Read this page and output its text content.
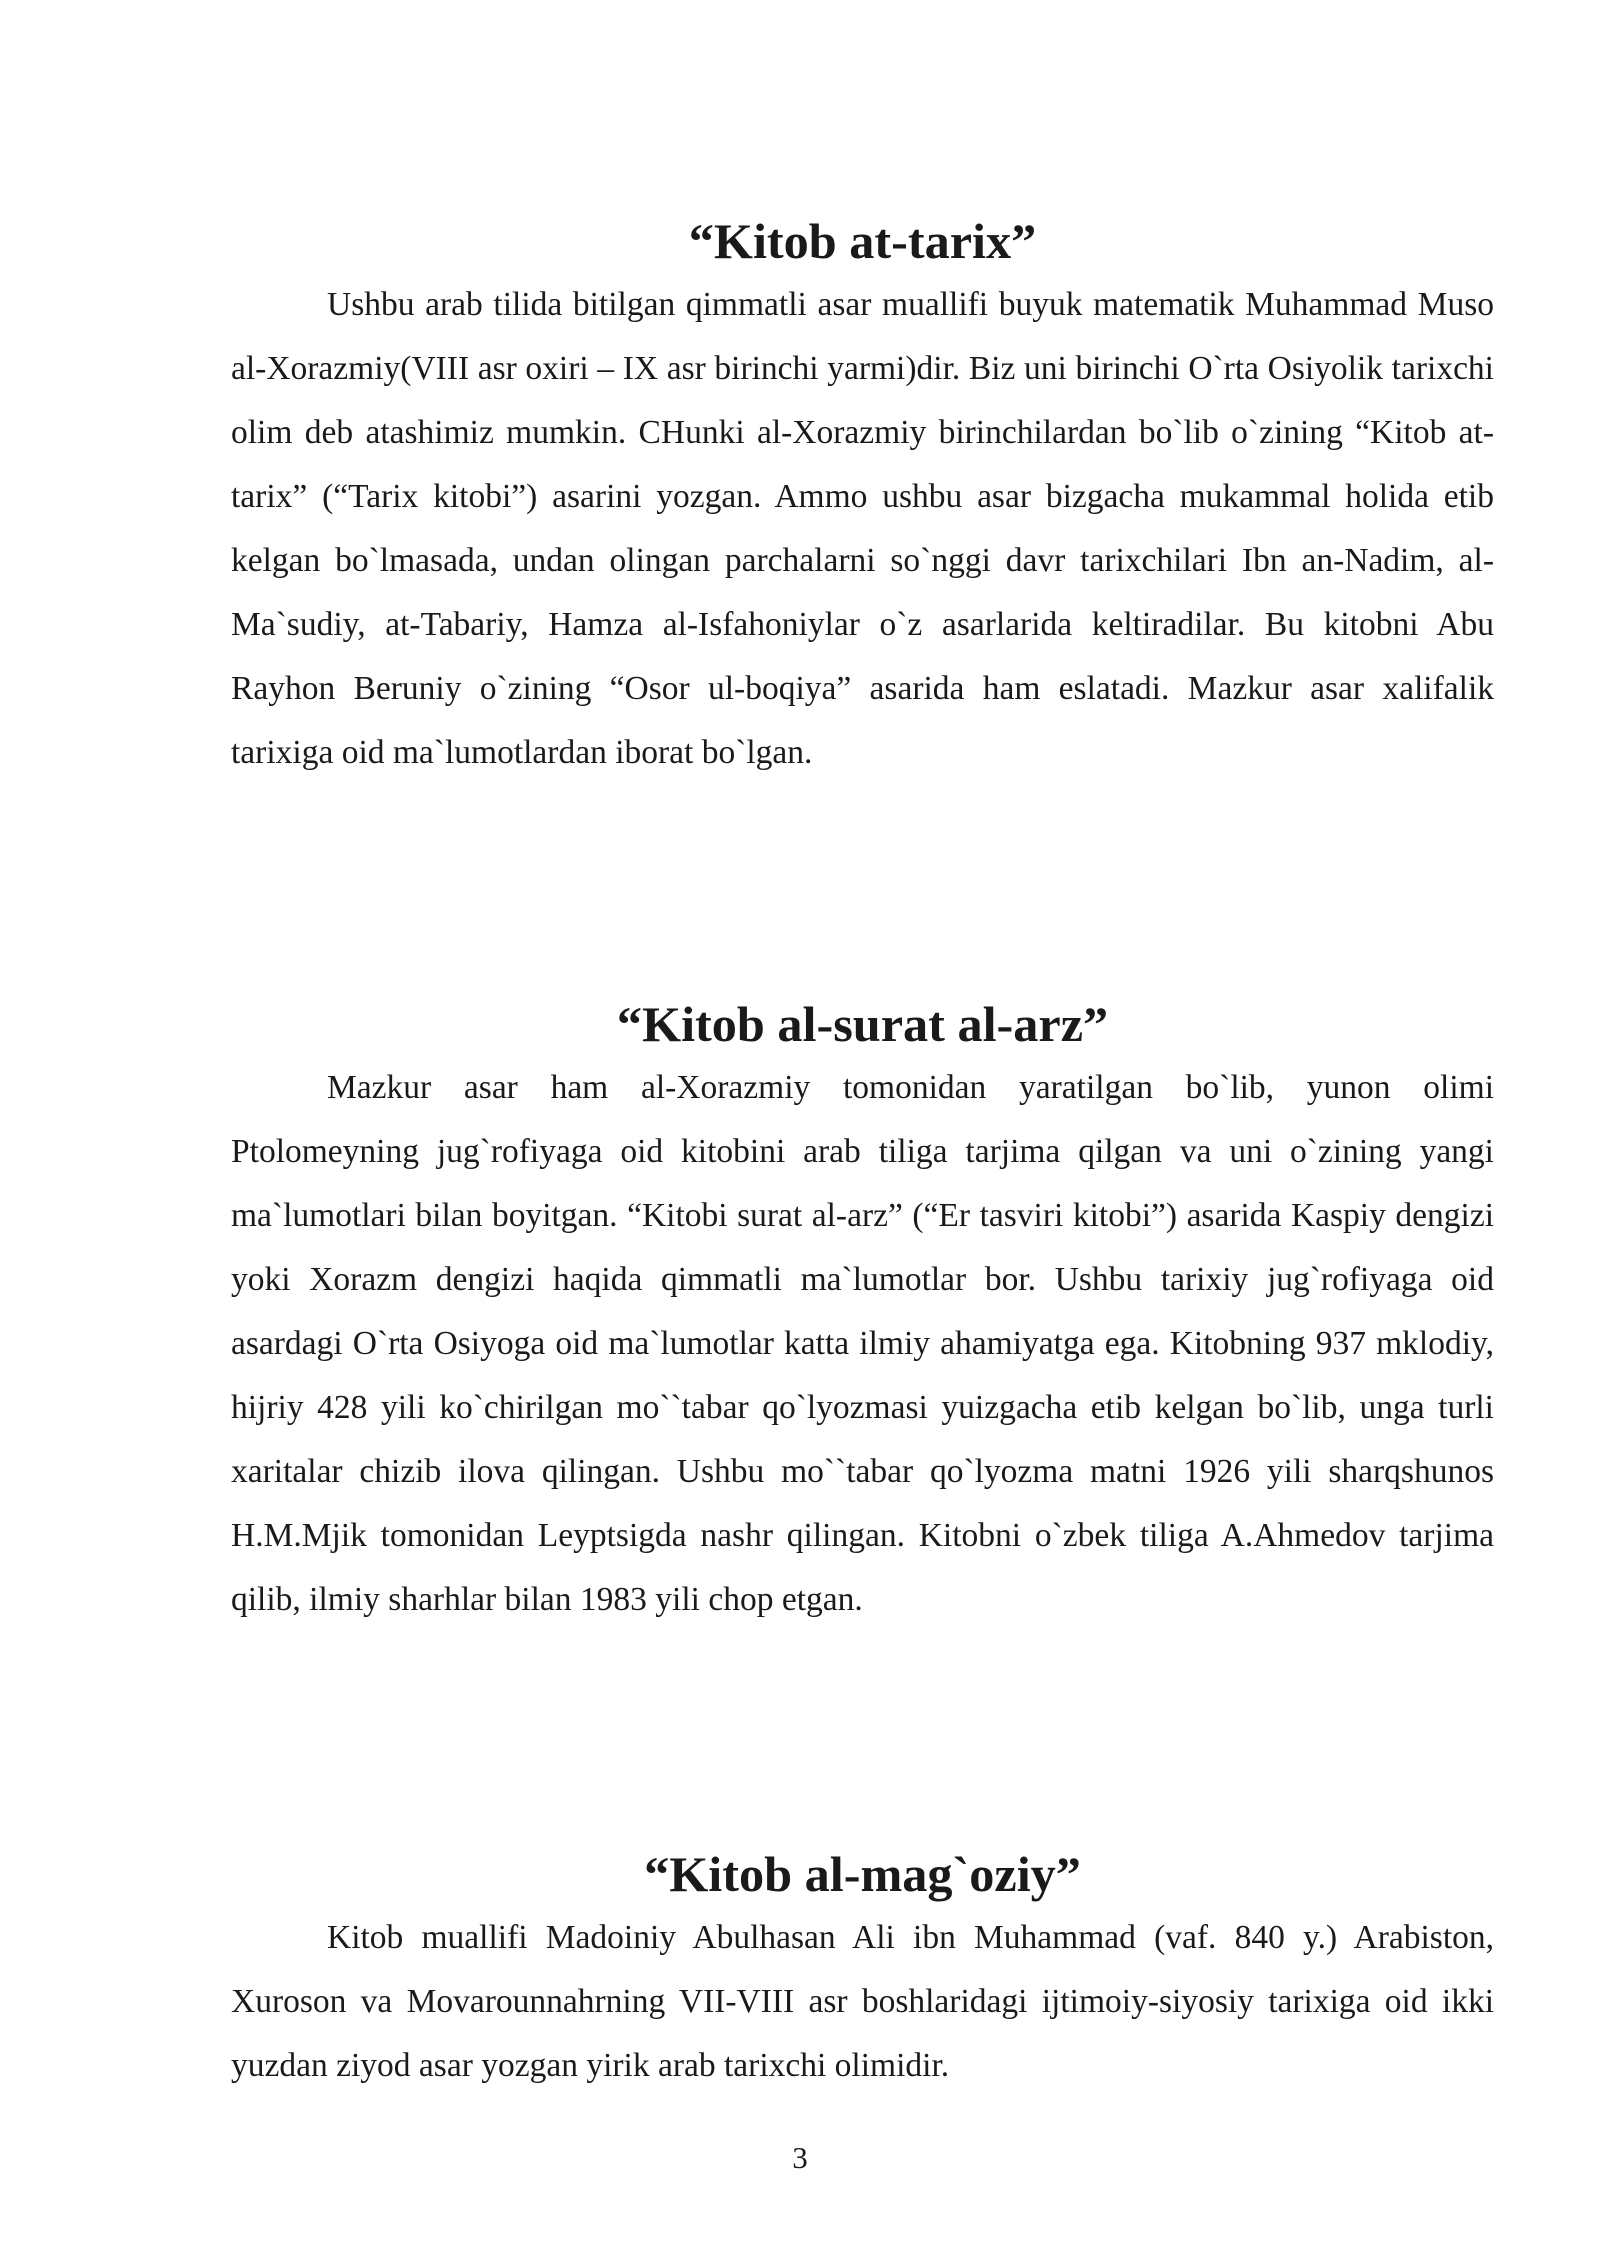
“Kitob at-tarix”

Ushbu arab tilida bitilgan qimmatli asar muallifi buyuk matematik Muhammad Muso al-Xorazmiy(VIII asr oxiri – IX asr birinchi yarmi)dir. Biz uni birinchi O`rta Osiyolik tarixchi olim deb atashimiz mumkin. CHunki al-Xorazmiy birinchilardan bo`lib o`zining “Kitob at-tarix” (“Tarix kitobi”) asarini yozgan. Ammo ushbu asar bizgacha mukammal holida etib kelgan bo`lmasada, undan olingan parchalarni so`nggi davr tarixchilari Ibn an-Nadim, al-Ma`sudiy, at-Tabariy, Hamza al-Isfahoniylar o`z asarlarida keltiradilar. Bu kitobni Abu Rayhon Beruniy o`zining “Osor ul-boqiya” asarida ham eslatadi. Mazkur asar xalifalik tarixiga oid ma`lumotlardan iborat bo`lgan.

“Kitob al-surat al-arz”

Mazkur asar ham al-Xorazmiy tomonidan yaratilgan bo`lib, yunon olimi Ptolomeyning jug`rofiyaga oid kitobini arab tiliga tarjima qilgan va uni o`zining yangi ma`lumotlari bilan boyitgan. “Kitobi surat al-arz” (“Er tasviri kitobi”) asarida Kaspiy dengizi yoki Xorazm dengizi haqida qimmatli ma`lumotlar bor. Ushbu tarixiy jug`rofiyaga oid asardagi O`rta Osiyoga oid ma`lumotlar katta ilmiy ahamiyatga ega. Kitobning 937 mklodiy, hijriy 428 yili ko`chirilgan mo``tabar qo`lyozmasi yuizgacha etib kelgan bo`lib, unga turli xaritalar chizib ilova qilingan. Ushbu mo``tabar qo`lyozma matni 1926 yili sharqshunos H.M.Mjik tomonidan Leyptsigda nashr qilingan. Kitobni o`zbek tiliga A.Ahmedov tarjima qilib, ilmiy sharhlar bilan 1983 yili chop etgan.

“Kitob al-mag`oziy”

Kitob muallifi Madoiniy Abulhasan Ali ibn Muhammad (vaf. 840 y.) Arabiston, Xuroson va Movarounnahrning VII-VIII asr boshlaridagi ijtimoiy-siyosiy tarixiga oid ikki yuzdan ziyod asar yozgan yirik arab tarixchi olimidir.

3
